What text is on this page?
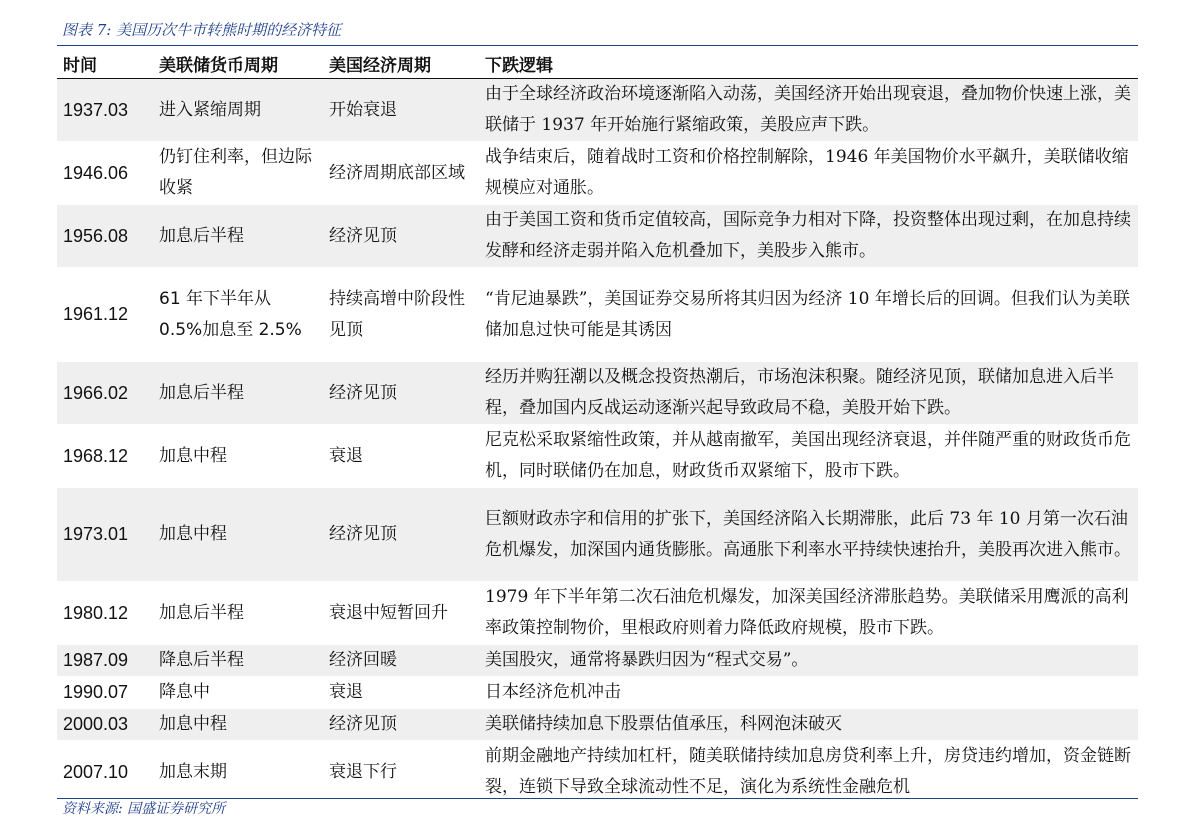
图表 7: 美国历次牛市转熊时期的经济特征
时间	美联储货币周期	美国经济周期	下跌逻辑
1937.03	进入紧缩周期	开始衰退	由于全球经济政治环境逐渐陷入动荡，美国经济开始出现衰退，叠加物价快速上涨，美联储于 1937 年开始施行紧缩政策，美股应声下跌。
1946.06	仍钉住利率，但边际收紧	经济周期底部区域	战争结束后，随着战时工资和价格控制解除，1946 年美国物价水平飙升，美联储收缩规模应对通胀。
1956.08	加息后半程	经济见顶	由于美国工资和货币定值较高，国际竞争力相对下降，投资整体出现过剩，在加息持续发酵和经济走弱并陷入危机叠加下，美股步入熊市。
1961.12	61 年下半年从 0.5%加息至 2.5%	持续高增中阶段性见顶	“肯尼迪暴跌”，美国证券交易所将其归因为经济 10 年增长后的回调。但我们认为美联储加息过快可能是其诱因
1966.02	加息后半程	经济见顶	经历并购狂潮以及概念投资热潮后，市场泡沫积聚。随经济见顶，联储加息进入后半程，叠加国内反战运动逐渐兴起导致政局不稳，美股开始下跌。
1968.12	加息中程	衰退	尼克松采取紧缩性政策，并从越南撤军，美国出现经济衰退，并伴随严重的财政货币危机，同时联储仍在加息，财政货币双紧缩下，股市下跌。
1973.01	加息中程	经济见顶	巨额财政赤字和信用的扩张下，美国经济陷入长期滞胀，此后 73 年 10 月第一次石油危机爆发，加深国内通货膨胀。高通胀下利率水平持续快速抬升，美股再次进入熊市。
1980.12	加息后半程	衰退中短暂回升	1979 年下半年第二次石油危机爆发，加深美国经济滞胀趋势。美联储采用鹰派的高利率政策控制物价，里根政府则着力降低政府规模，股市下跌。
1987.09	降息后半程	经济回暖	美国股灾，通常将暴跌归因为“程式交易”。
1990.07	降息中	衰退	日本经济危机冲击
2000.03	加息中程	经济见顶	美联储持续加息下股票估值承压，科网泡沫破灭
2007.10	加息末期	衰退下行	前期金融地产持续加杠杆，随美联储持续加息房贷利率上升，房贷违约增加，资金链断裂，连锁下导致全球流动性不足，演化为系统性金融危机
资料来源: 国盛证券研究所
